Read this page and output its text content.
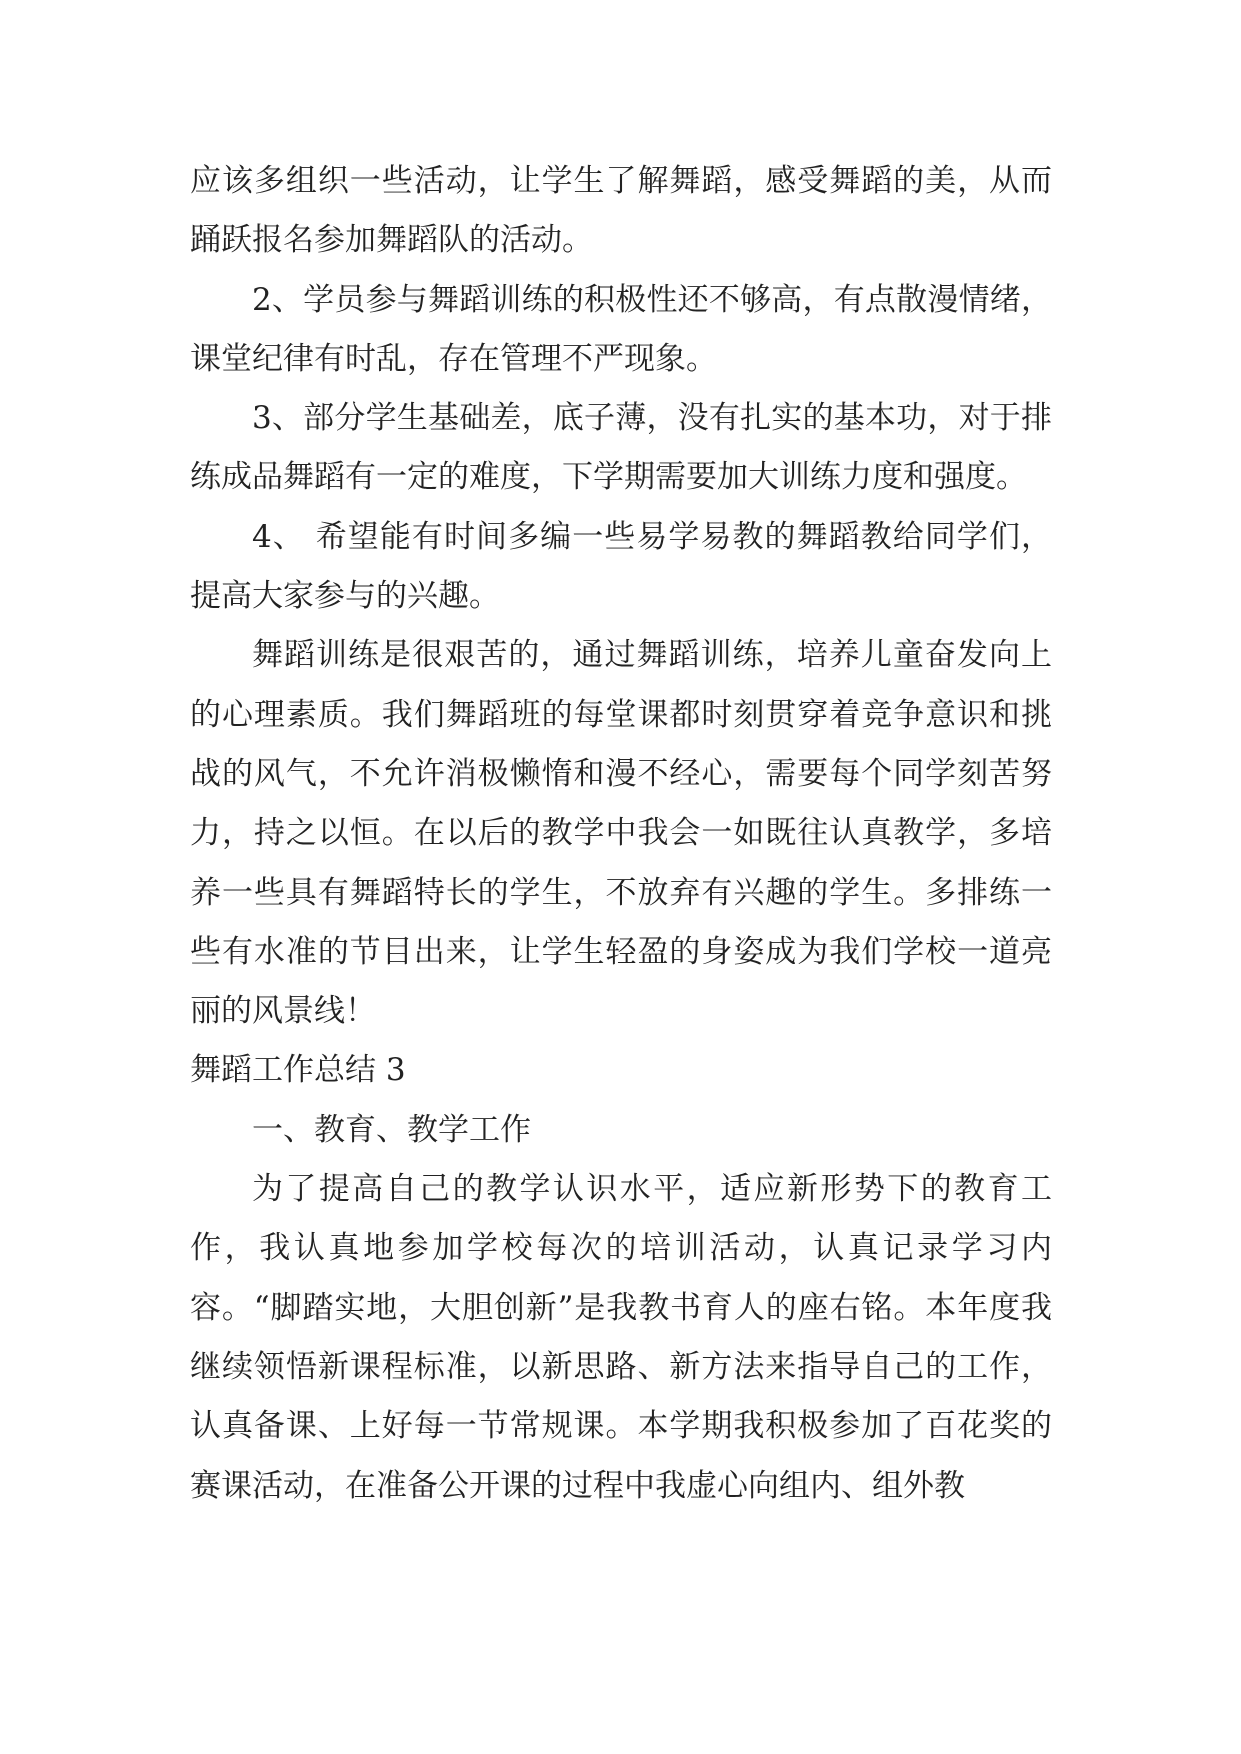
应该多组织一些活动，让学生了解舞蹈，感受舞蹈的美，从而踊跃报名参加舞蹈队的活动。

2、学员参与舞蹈训练的积极性还不够高，有点散漫情绪，课堂纪律有时乱，存在管理不严现象。

3、部分学生基础差，底子薄，没有扎实的基本功，对于排练成品舞蹈有一定的难度，下学期需要加大训练力度和强度。

4、 希望能有时间多编一些易学易教的舞蹈教给同学们，提高大家参与的兴趣。

舞蹈训练是很艰苦的，通过舞蹈训练，培养儿童奋发向上的心理素质。我们舞蹈班的每堂课都时刻贯穿着竞争意识和挑战的风气，不允许消极懒惰和漫不经心，需要每个同学刻苦努力，持之以恒。在以后的教学中我会一如既往认真教学，多培养一些具有舞蹈特长的学生，不放弃有兴趣的学生。多排练一些有水准的节目出来，让学生轻盈的身姿成为我们学校一道亮丽的风景线！

舞蹈工作总结 3

一、教育、教学工作

为了提高自己的教学认识水平，适应新形势下的教育工作，我认真地参加学校每次的培训活动，认真记录学习内容。“脚踏实地，大胆创新”是我教书育人的座右铭。本年度我继续领悟新课程标准，以新思路、新方法来指导自己的工作，认真备课、上好每一节常规课。本学期我积极参加了百花奖的赛课活动，在准备公开课的过程中我虚心向组内、组外教
